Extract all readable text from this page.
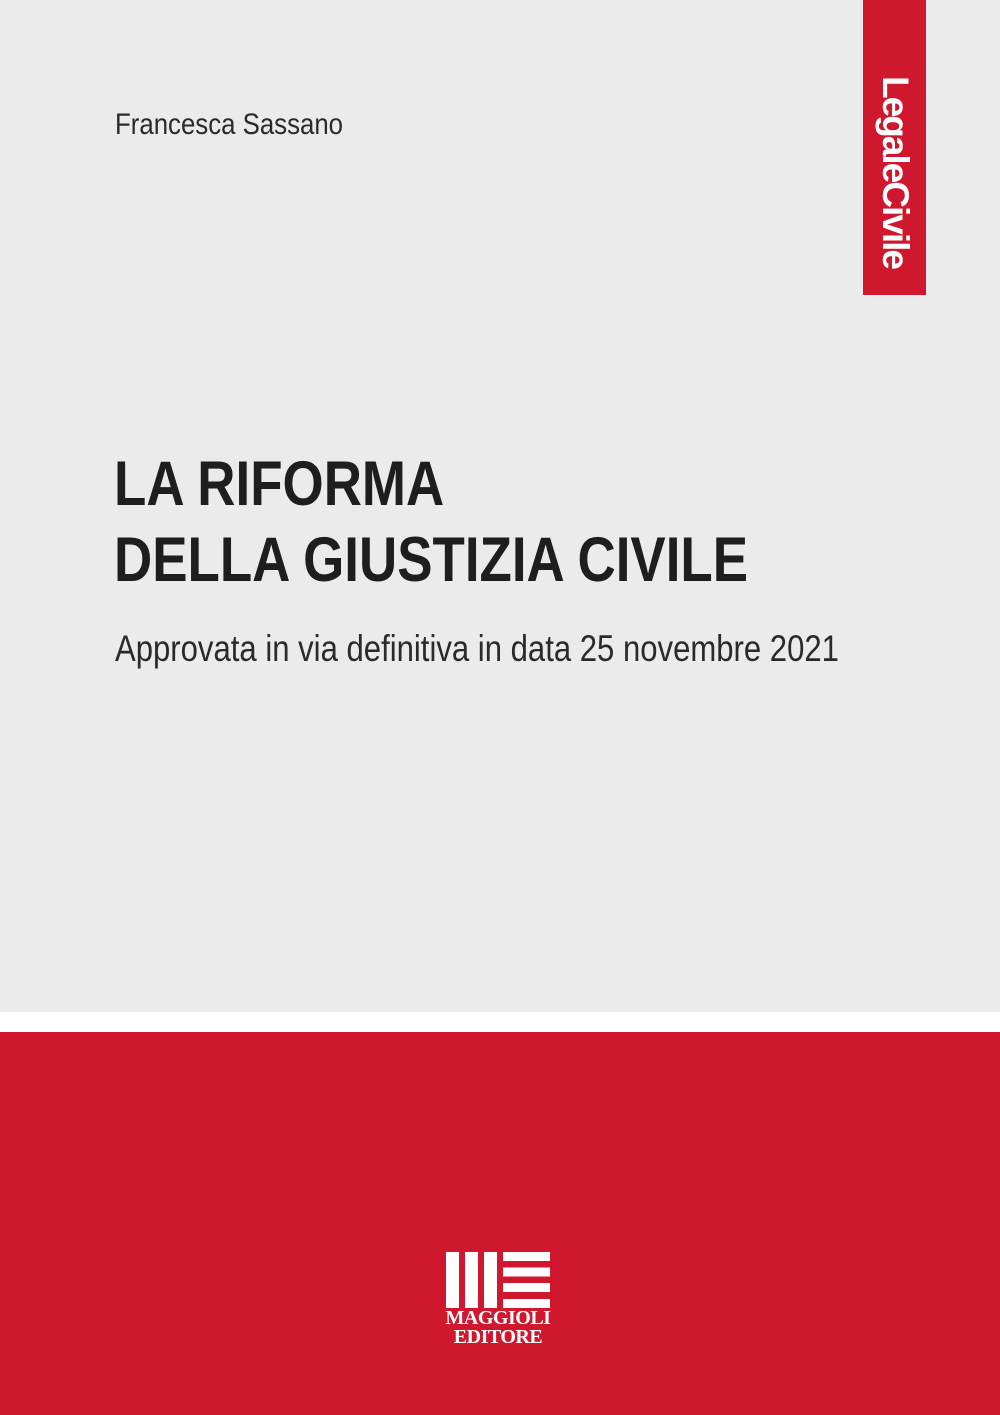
LegaleCivile
Francesca Sassano
LA RIFORMA
DELLA GIUSTIZIA CIVILE
Approvata in via definitiva in data 25 novembre 2021
MAGGIOLI
EDITORE
